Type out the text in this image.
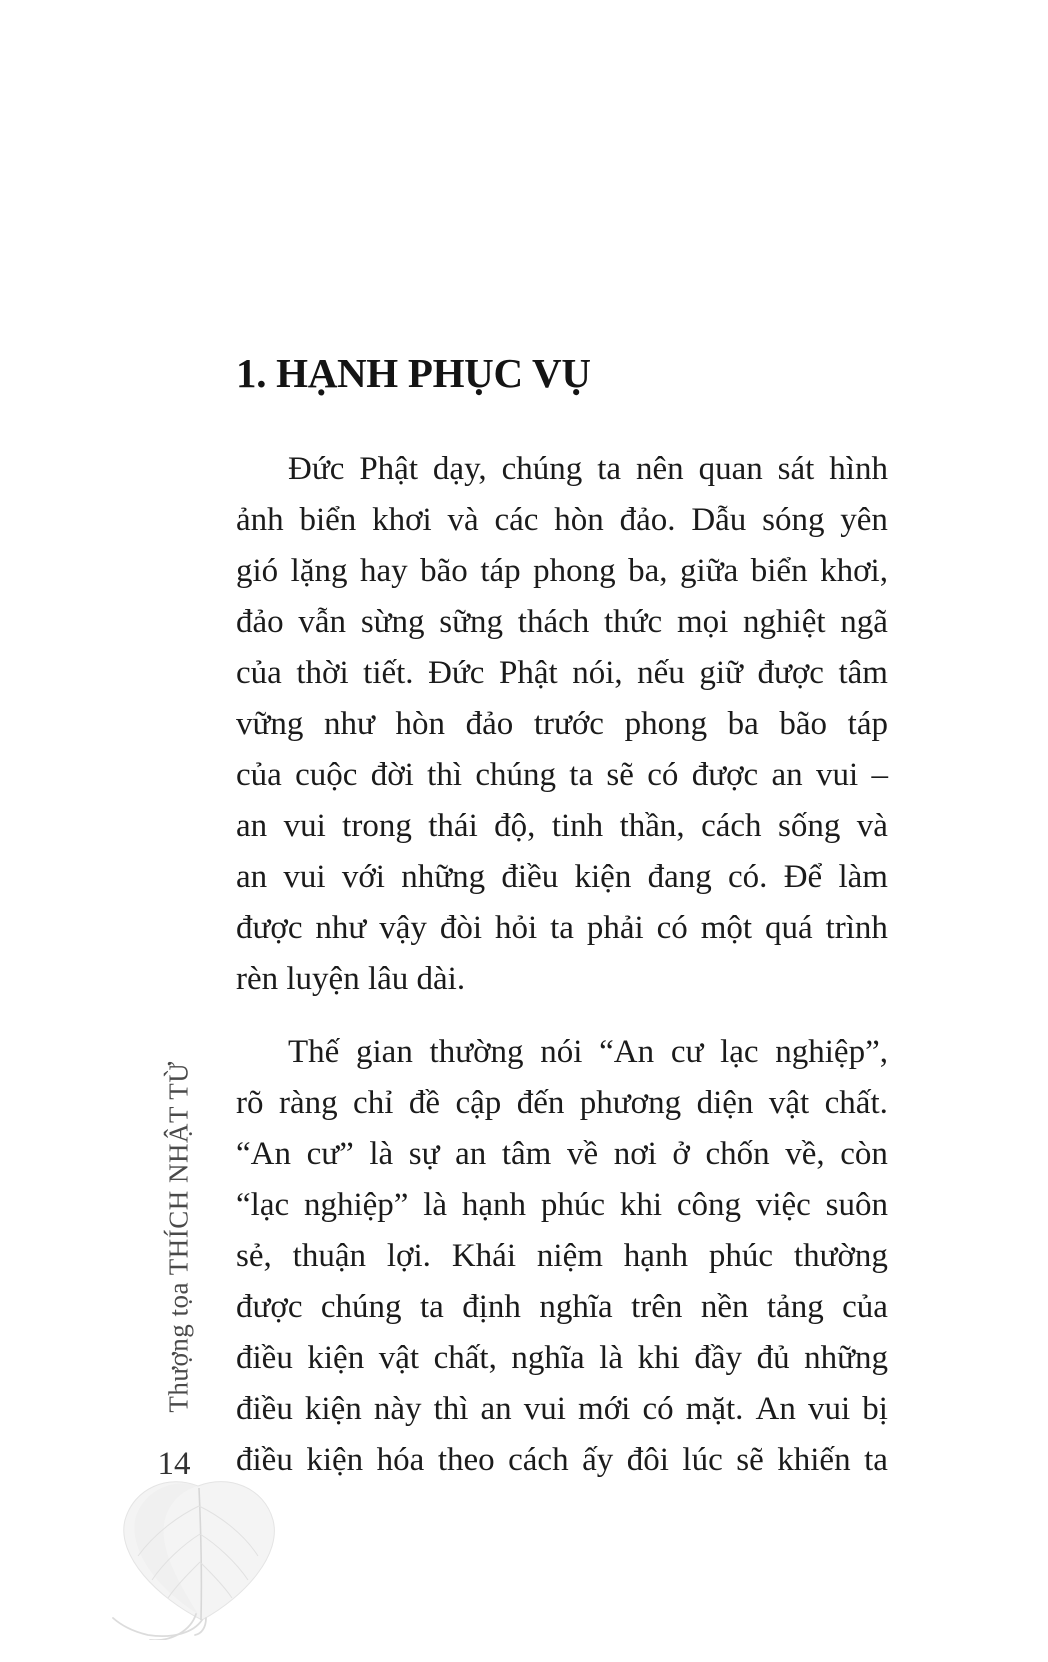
1. HẠNH PHỤC VỤ
Đức Phật dạy, chúng ta nên quan sát hình
ảnh biển khơi và các hòn đảo. Dẫu sóng yên
gió lặng hay bão táp phong ba, giữa biển khơi,
đảo vẫn sừng sững thách thức mọi nghiệt ngã
của thời tiết. Đức Phật nói, nếu giữ được tâm
vững như hòn đảo trước phong ba bão táp
của cuộc đời thì chúng ta sẽ có được an vui –
an vui trong thái độ, tinh thần, cách sống và
an vui với những điều kiện đang có. Để làm
được như vậy đòi hỏi ta phải có một quá trình
rèn luyện lâu dài.
Thế gian thường nói “An cư lạc nghiệp”,
rõ ràng chỉ đề cập đến phương diện vật chất.
“An cư” là sự an tâm về nơi ở chốn về, còn
“lạc nghiệp” là hạnh phúc khi công việc suôn
sẻ, thuận lợi. Khái niệm hạnh phúc thường
được chúng ta định nghĩa trên nền tảng của
điều kiện vật chất, nghĩa là khi đầy đủ những
điều kiện này thì an vui mới có mặt. An vui bị
điều kiện hóa theo cách ấy đôi lúc sẽ khiến ta
Thượng tọa THÍCH NHẬT TỪ
14
